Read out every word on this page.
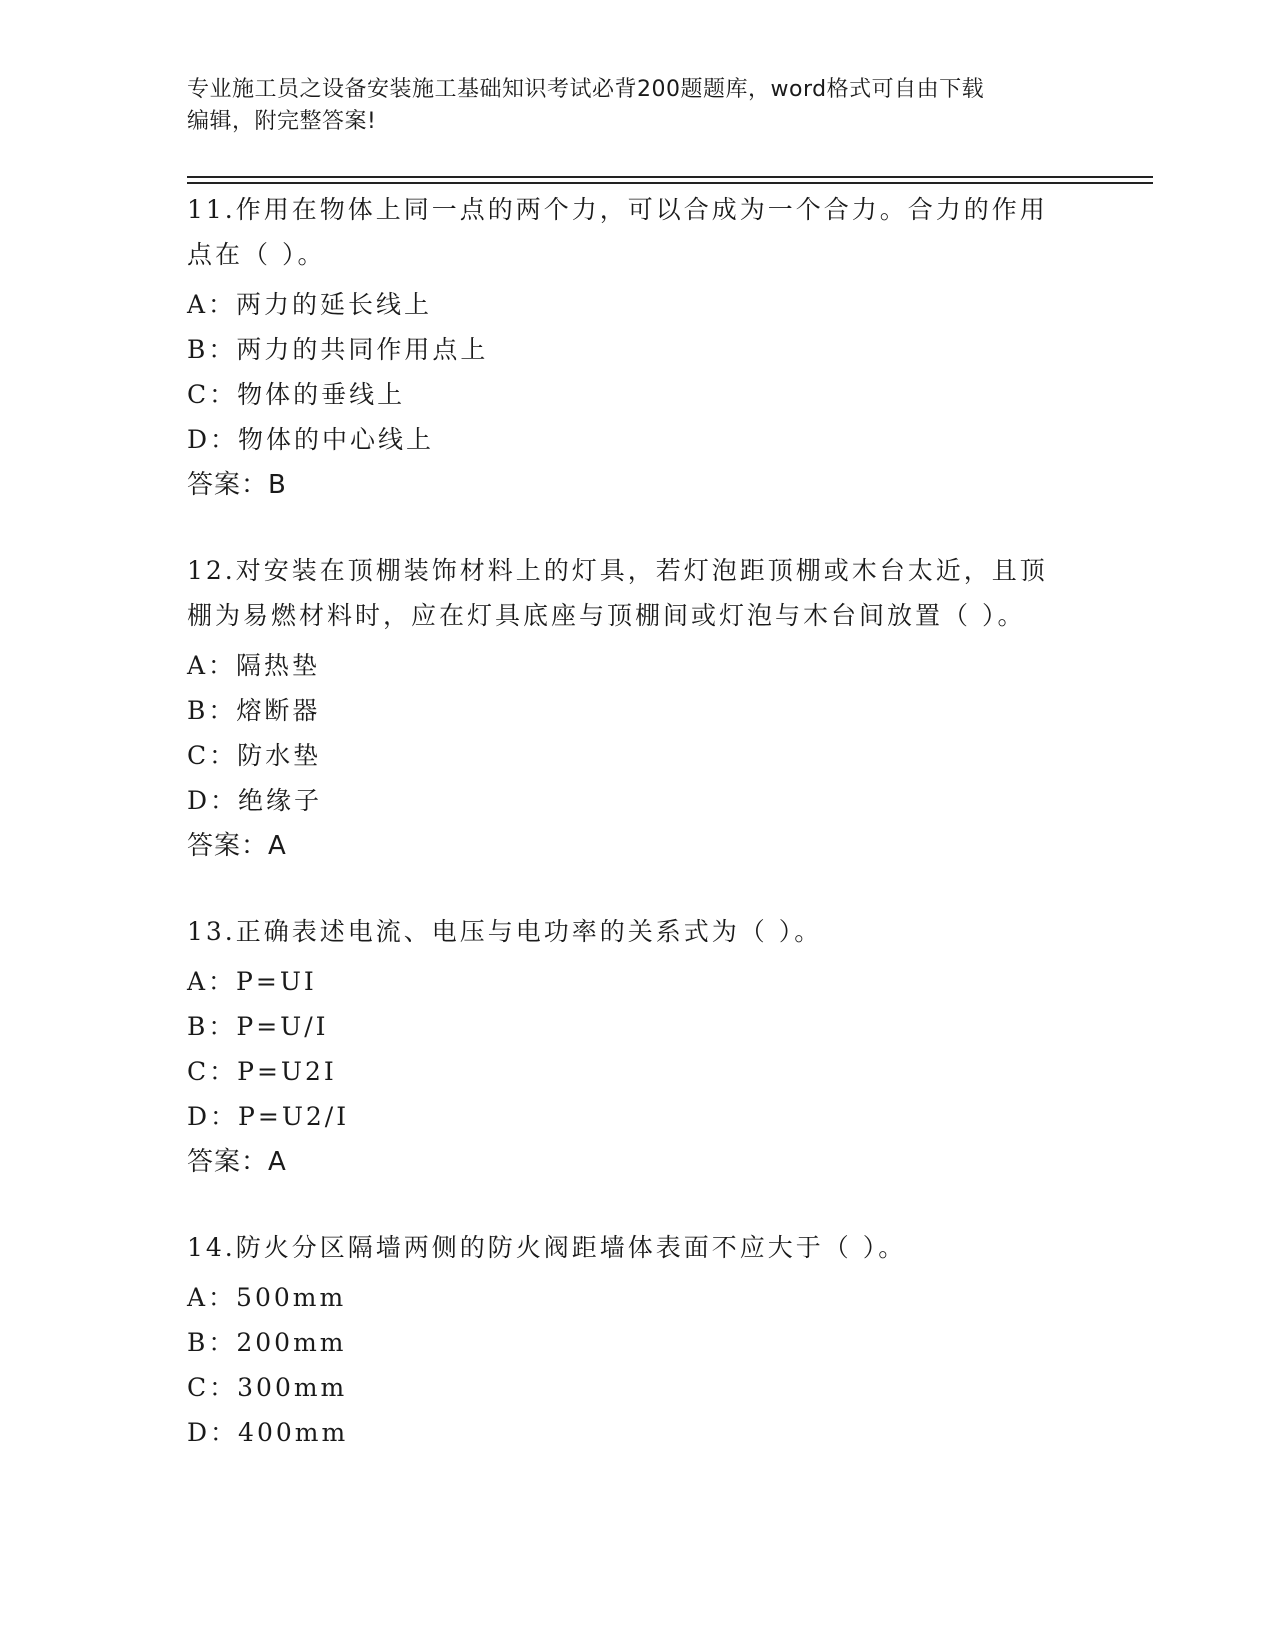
专业施工员之设备安装施工基础知识考试必背200题题库，word格式可自由下载
编辑，附完整答案!
11.作用在物体上同一点的两个力，可以合成为一个合力。合力的作用
点在（ ）。
A：两力的延长线上
B：两力的共同作用点上
C：物体的垂线上
D：物体的中心线上
答案：B
12.对安装在顶棚装饰材料上的灯具，若灯泡距顶棚或木台太近，且顶
棚为易燃材料时，应在灯具底座与顶棚间或灯泡与木台间放置（ ）。
A：隔热垫
B：熔断器
C：防水垫
D：绝缘子
答案：A
13.正确表述电流、电压与电功率的关系式为（ ）。
A：P=UI
B：P=U/I
C：P=U2I
D：P=U2/I
答案：A
14.防火分区隔墙两侧的防火阀距墙体表面不应大于（ ）。
A：500mm
B：200mm
C：300mm
D：400mm
